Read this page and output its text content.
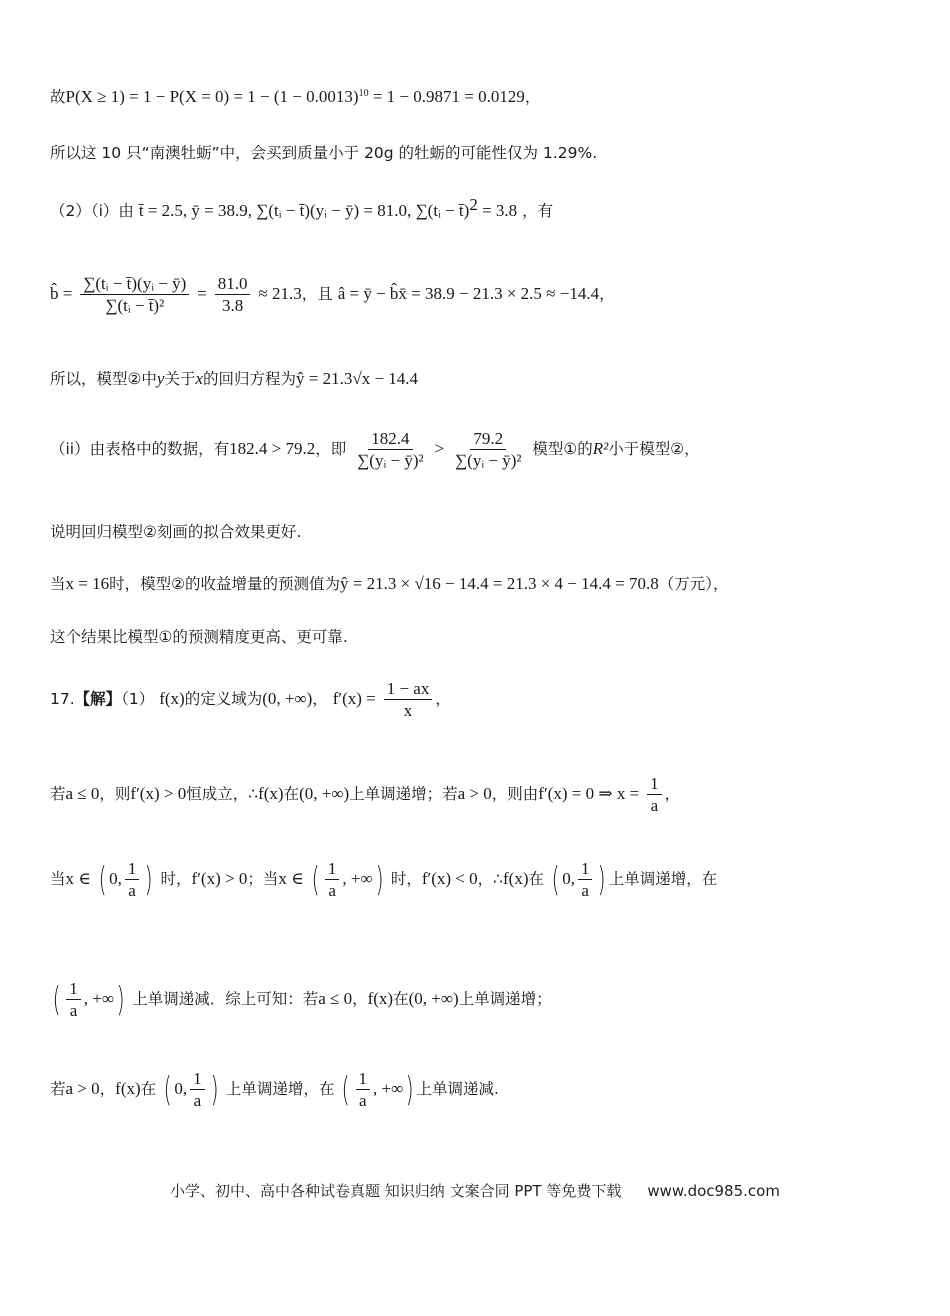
故$P(X \ge 1) = 1 - P(X = 0) = 1 - (1 - 0.0013)^{10} = 1 - 0.9871 = 0.0129$，
所以这 10 只“南澳牡蛎”中，会买到质量小于 20g 的牡蛎的可能性仅为 1.29%.
（2）（i）由 t̄ = 2.5, ȳ = 38.9, ∑(tᵢ − t̄)(yᵢ − ȳ) = 81.0, ∑(tᵢ − t̄)$^2$ = 3.8 ，有
b̂ = $\frac{\text{∑(tᵢ − t̄)(yᵢ − ȳ)}}{\text{∑(tᵢ − t̄)²}} = \frac{81.0}{3.8} \approx 21.3$，且 â = ȳ − b̂x̄ = 38.9 − 21.3 × 2.5 ≈ −14.4，
所以，模型②中y关于x的回归方程为ŷ = 21.3√x − 14.4
（ii）由表格中的数据，有182.4 > 79.2，即 $\frac{182.4}{\text{∑(yᵢ − ȳ)²}} > \frac{79.2}{\text{∑(yᵢ − ȳ)²}}$ 模型①的R²小于模型②，
说明回归模型②刻画的拟合效果更好.
当x = 16时，模型②的收益增量的预测值为ŷ = 21.3 × √16 − 14.4 = 21.3 × 4 − 14.4 = 70.8（万元），
这个结果比模型①的预测精度更高、更可靠.
17.【解】（1） f(x)的定义域为(0, +∞)， $f'(x) = \frac{1 - ax}{x}$ ，
若a ≤ 0，则f′(x) > 0恒成立，∴f(x)在(0, +∞)上单调递增；若a > 0，则由f′(x) = 0 ⇒ $x = \frac{1}{a}$ ，
当x ∈ ( 0, $\frac{1}{a}$ ) 时，f′(x) > 0；当x ∈ ( $\frac{1}{a}$ , +∞) 时，f′(x) < 0，∴f(x)在 ( 0, $\frac{1}{a}$ ) 上单调递增，在
( $\frac{1}{a}$ , +∞) 上单调递减．综上可知：若a ≤ 0，f(x)在(0, +∞)上单调递增；
若a > 0，f(x)在 ( 0, $\frac{1}{a}$ ) 上单调递增，在 ( $\frac{1}{a}$ , +∞) 上单调递减.
小学、初中、高中各种试卷真题 知识归纳 文案合同 PPT 等免费下载 www.doc985.com
